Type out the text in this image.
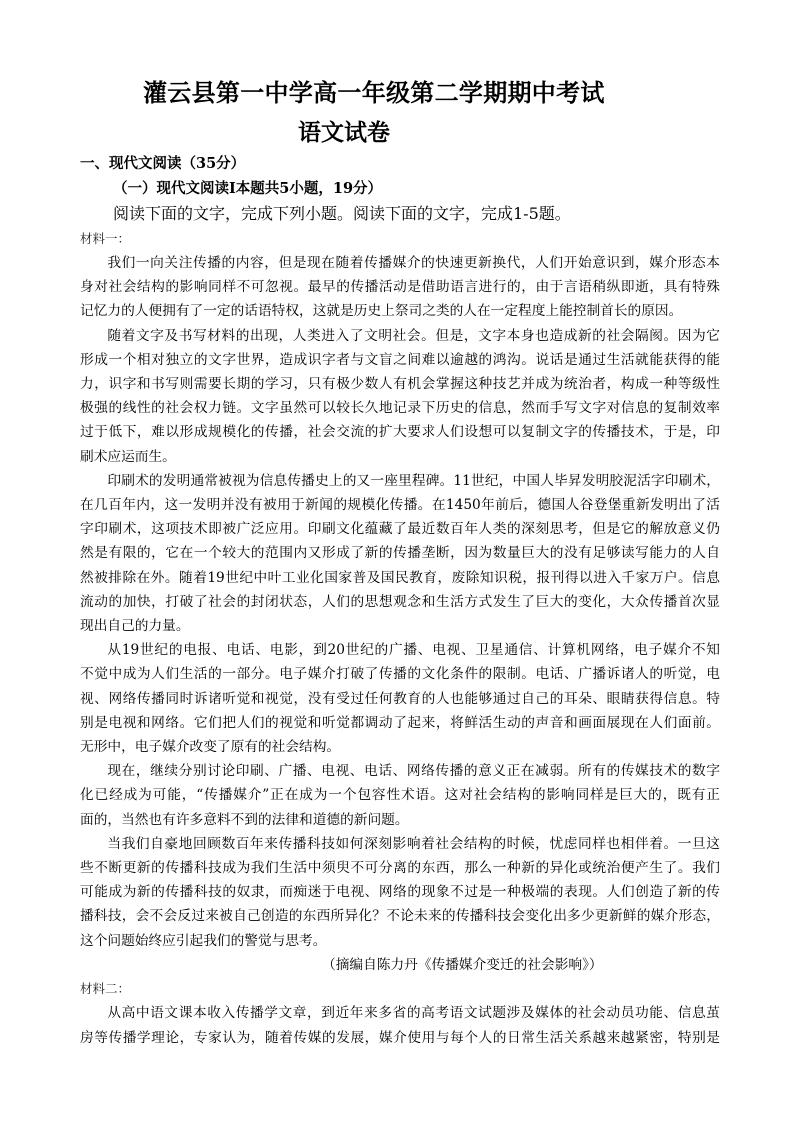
灌云县第一中学高一年级第二学期期中考试
语文试卷
一、现代文阅读（35分）
（一）现代文阅读Ⅰ本题共5小题，19分）
阅读下面的文字，完成下列小题。阅读下面的文字，完成1-5题。
材料一：
我们一向关注传播的内容，但是现在随着传播媒介的快速更新换代，人们开始意识到，媒介形态本
身对社会结构的影响同样不可忽视。最早的传播活动是借助语言进行的，由于言语稍纵即逝，具有特殊
记忆力的人便拥有了一定的话语特权，这就是历史上祭司之类的人在一定程度上能控制首长的原因。
随着文字及书写材料的出现，人类进入了文明社会。但是，文字本身也造成新的社会隔阂。因为它
形成一个相对独立的文字世界，造成识字者与文盲之间难以逾越的鸿沟。说话是通过生活就能获得的能
力，识字和书写则需要长期的学习，只有极少数人有机会掌握这种技艺并成为统治者，构成一种等级性
极强的线性的社会权力链。文字虽然可以较长久地记录下历史的信息，然而手写文字对信息的复制效率
过于低下，难以形成规模化的传播，社会交流的扩大要求人们设想可以复制文字的传播技术，于是，印
刷术应运而生。
印刷术的发明通常被视为信息传播史上的又一座里程碑。11世纪，中国人毕昇发明胶泥活字印刷术，
在几百年内，这一发明并没有被用于新闻的规模化传播。在1450年前后，德国人谷登堡重新发明出了活
字印刷术，这项技术即被广泛应用。印刷文化蕴藏了最近数百年人类的深刻思考，但是它的解放意义仍
然是有限的，它在一个较大的范围内又形成了新的传播垄断，因为数量巨大的没有足够读写能力的人自
然被排除在外。随着19世纪中叶工业化国家普及国民教育，废除知识税，报刊得以进入千家万户。信息
流动的加快，打破了社会的封闭状态，人们的思想观念和生活方式发生了巨大的变化，大众传播首次显
现出自己的力量。
从19世纪的电报、电话、电影，到20世纪的广播、电视、卫星通信、计算机网络，电子媒介不知
不觉中成为人们生活的一部分。电子媒介打破了传播的文化条件的限制。电话、广播诉诸人的听觉，电
视、网络传播同时诉诸听觉和视觉，没有受过任何教育的人也能够通过自己的耳朵、眼睛获得信息。特
别是电视和网络。它们把人们的视觉和听觉都调动了起来，将鲜活生动的声音和画面展现在人们面前。
无形中，电子媒介改变了原有的社会结构。
现在，继续分别讨论印刷、广播、电视、电话、网络传播的意义正在减弱。所有的传媒技术的数字
化已经成为可能，“传播媒介”正在成为一个包容性术语。这对社会结构的影响同样是巨大的，既有正
面的，当然也有许多意料不到的法律和道德的新问题。
当我们自豪地回顾数百年来传播科技如何深刻影响着社会结构的时候，忧虑同样也相伴着。一旦这
些不断更新的传播科技成为我们生活中须臾不可分离的东西，那么一种新的异化或统治便产生了。我们
可能成为新的传播科技的奴隶，而痴迷于电视、网络的现象不过是一种极端的表现。人们创造了新的传
播科技，会不会反过来被自己创造的东西所异化？不论未来的传播科技会变化出多少更新鲜的媒介形态，
这个问题始终应引起我们的警觉与思考。
（摘编自陈力丹《传播媒介变迁的社会影响》）
材料二：
从高中语文课本收入传播学文章，到近年来多省的高考语文试题涉及媒体的社会动员功能、信息茧
房等传播学理论，专家认为，随着传媒的发展，媒介使用与每个人的日常生活关系越来越紧密，特别是
